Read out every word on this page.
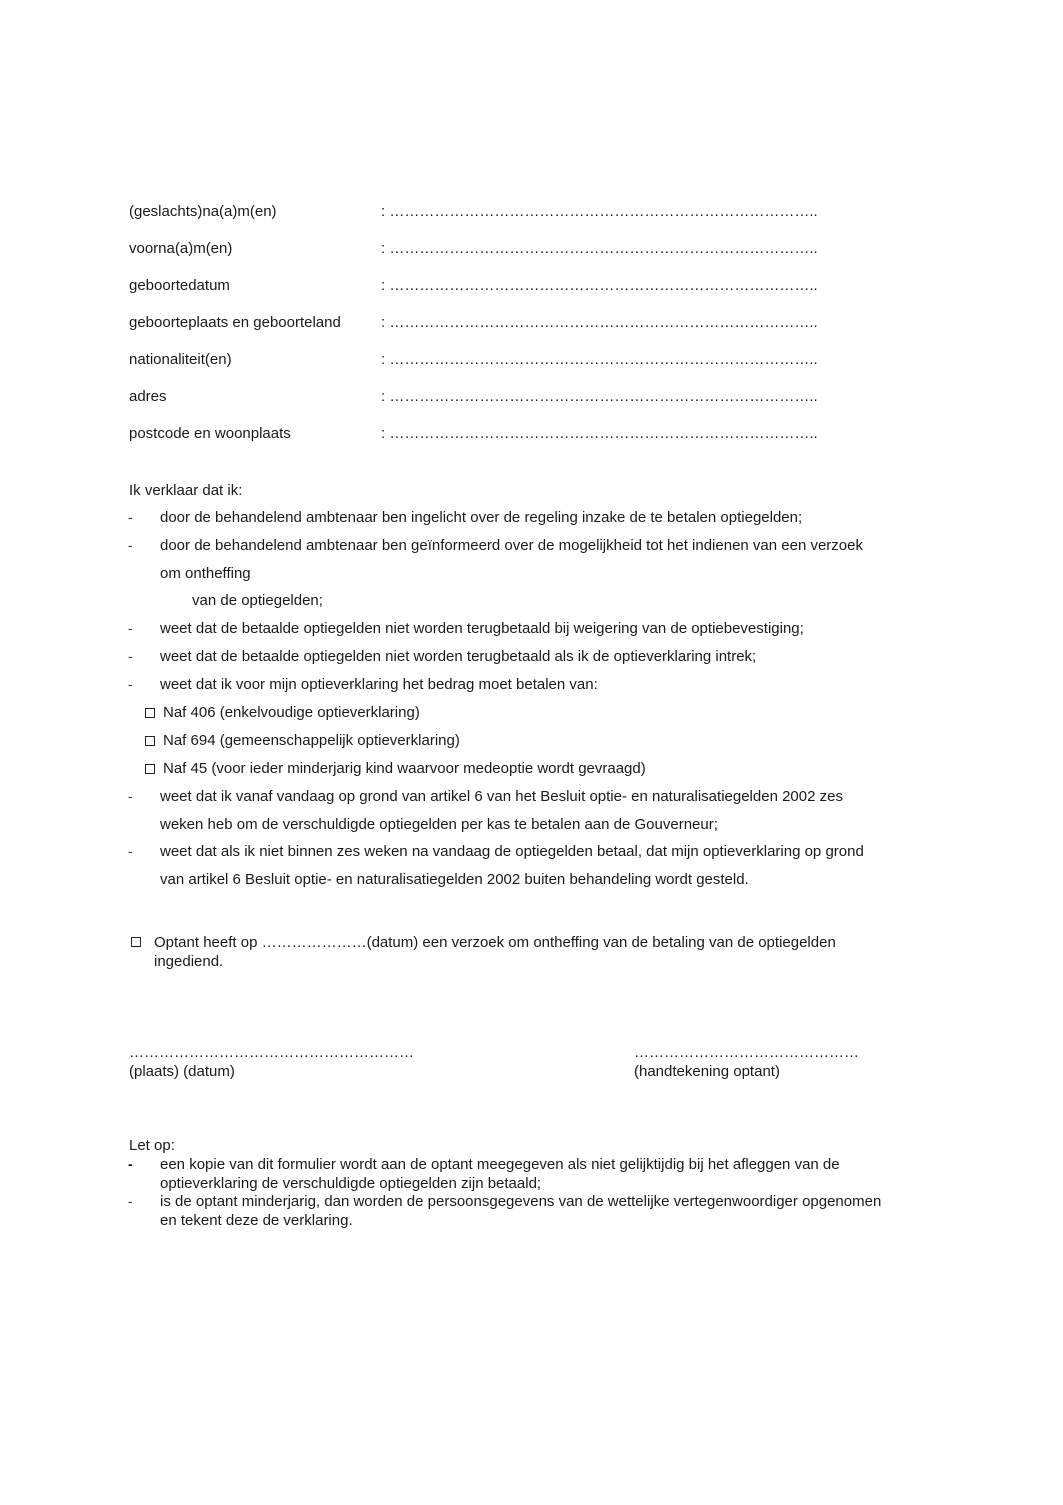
(geslachts)na(a)m(en)	: …………………………………………………………………………..
voorna(a)m(en)	: …………………………………………………………………………..
geboortedatum	: …………………………………………………………………………..
geboorteplaats en geboorteland	: …………………………………………………………………………..
nationaliteit(en)	: …………………………………………………………………………..
adres	: …………………………………………………………………………..
postcode en woonplaats	: …………………………………………………………………………..
Ik verklaar dat ik:
- door de behandelend ambtenaar ben ingelicht over de regeling inzake de te betalen optiegelden;
- door de behandelend ambtenaar ben geïnformeerd over de mogelijkheid tot het indienen van een verzoek
om ontheffing
van de optiegelden;
- weet dat de betaalde optiegelden niet worden terugbetaald bij weigering van de optiebevestiging;
- weet dat de betaalde optiegelden niet worden terugbetaald als ik de optieverklaring intrek;
- weet dat ik voor mijn optieverklaring het bedrag moet betalen van:
Naf 406 (enkelvoudige optieverklaring)
Naf 694 (gemeenschappelijk optieverklaring)
Naf 45 (voor ieder minderjarig kind waarvoor medeoptie wordt gevraagd)
- weet dat ik vanaf vandaag op grond van artikel 6 van het Besluit optie- en naturalisatiegelden 2002 zes
weken heb om de verschuldigde optiegelden per kas te betalen aan de Gouverneur;
- weet dat als ik niet binnen zes weken na vandaag de optiegelden betaal, dat mijn optieverklaring op grond
van artikel 6 Besluit optie- en naturalisatiegelden 2002 buiten behandeling wordt gesteld.
Optant heeft op …………………(datum) een verzoek om ontheffing van de betaling van de optiegelden
ingediend.
…………………………………………………
(plaats) (datum)
………………………………………
(handtekening optant)
Let op:
- een kopie van dit formulier wordt aan de optant meegegeven als niet gelijktijdig bij het afleggen van de
optieverklaring de verschuldigde optiegelden zijn betaald;
- is de optant minderjarig, dan worden de persoonsgegevens van de wettelijke vertegenwoordiger opgenomen
en tekent deze de verklaring.
